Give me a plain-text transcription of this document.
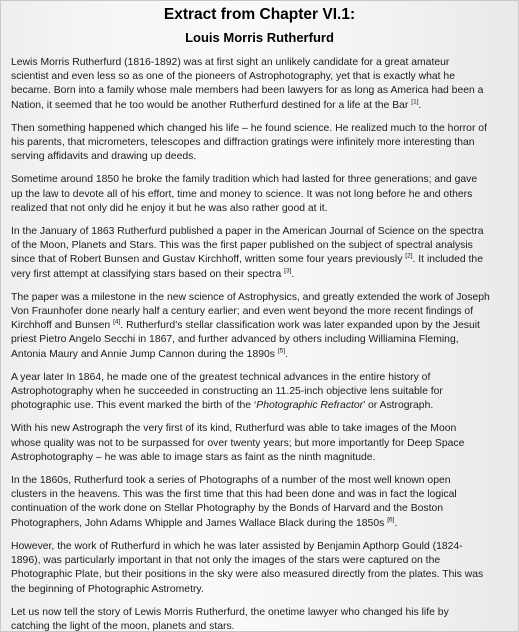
Extract from Chapter VI.1:

Louis Morris Rutherfurd

Lewis Morris Rutherfurd (1816-1892) was at first sight an unlikely candidate for a great amateur
scientist and even less so as one of the pioneers of Astrophotography, yet that is exactly what he
became. Born into a family whose male members had been lawyers for as long as America had been a
Nation, it seemed that he too would be another Rutherfurd destined for a life at the Bar [1].

Then something happened which changed his life – he found science. He realized much to the horror of
his parents, that micrometers, telescopes and diffraction gratings were infinitely more interesting than
serving affidavits and drawing up deeds.

Sometime around 1850 he broke the family tradition which had lasted for three generations; and gave
up the law to devote all of his effort, time and money to science. It was not long before he and others
realized that not only did he enjoy it but he was also rather good at it.

In the January of 1863 Rutherfurd published a paper in the American Journal of Science on the spectra
of the Moon, Planets and Stars. This was the first paper published on the subject of spectral analysis
since that of Robert Bunsen and Gustav Kirchhoff, written some four years previously [2]. It included the
very first attempt at classifying stars based on their spectra [3].

The paper was a milestone in the new science of Astrophysics, and greatly extended the work of Joseph
Von Fraunhofer done nearly half a century earlier; and even went beyond the more recent findings of
Kirchhoff and Bunsen [4]. Rutherfurd’s stellar classification work was later expanded upon by the Jesuit
priest Pietro Angelo Secchi in 1867, and further advanced by others including Williamina Fleming,
Antonia Maury and Annie Jump Cannon during the 1890s [5].

A year later In 1864, he made one of the greatest technical advances in the entire history of
Astrophotography when he succeeded in constructing an 11.25-inch objective lens suitable for
photographic use. This event marked the birth of the ‘Photographic Refractor’ or Astrograph.

With his new Astrograph the very first of its kind, Rutherfurd was able to take images of the Moon
whose quality was not to be surpassed for over twenty years; but more importantly for Deep Space
Astrophotography – he was able to image stars as faint as the ninth magnitude.

In the 1860s, Rutherfurd took a series of Photographs of a number of the most well known open
clusters in the heavens. This was the first time that this had been done and was in fact the logical
continuation of the work done on Stellar Photography by the Bonds of Harvard and the Boston
Photographers, John Adams Whipple and James Wallace Black during the 1850s [6].

However, the work of Rutherfurd in which he was later assisted by Benjamin Apthorp Gould (1824-
1896), was particularly important in that not only the images of the stars were captured on the
Photographic Plate, but their positions in the sky were also measured directly from the plates. This was
the beginning of Photographic Astrometry.

Let us now tell the story of Lewis Morris Rutherfurd, the onetime lawyer who changed his life by
catching the light of the moon, planets and stars.
